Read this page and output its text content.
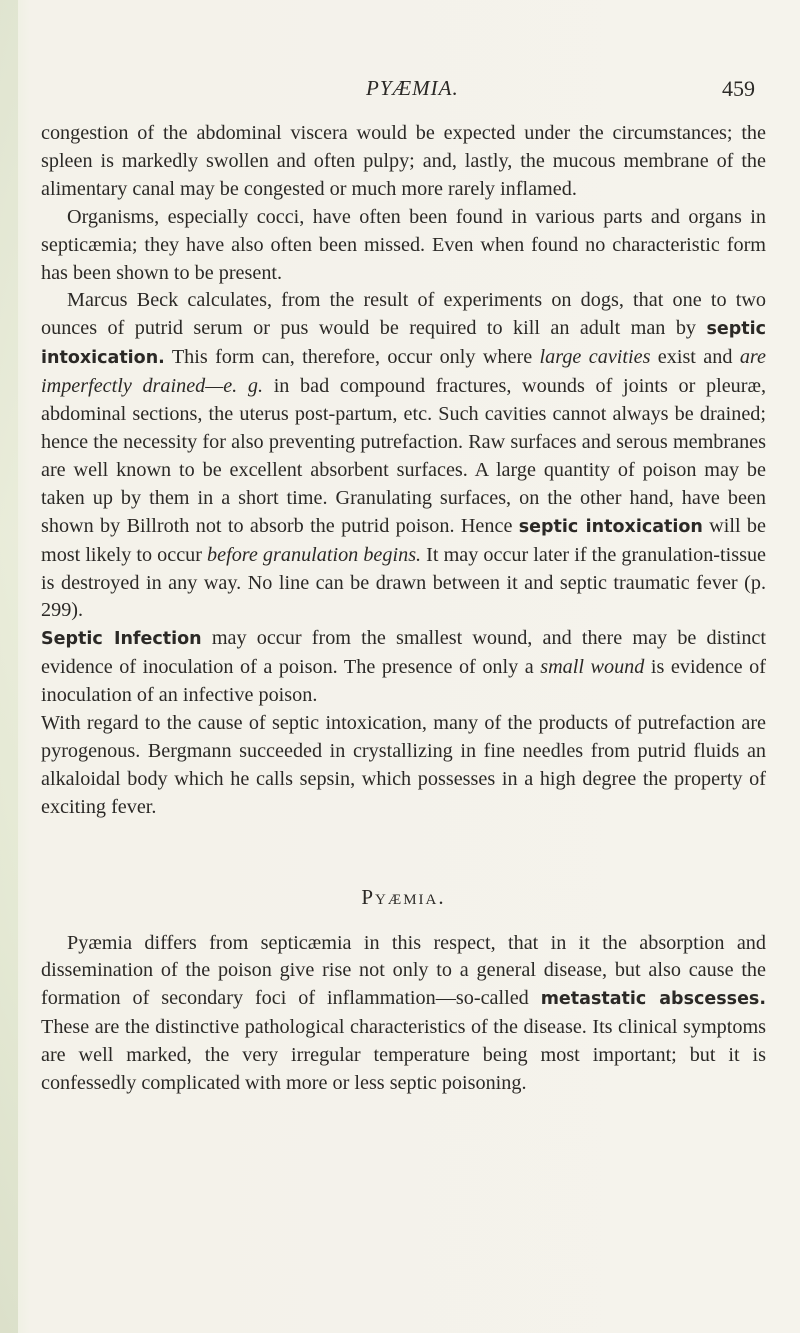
PYÆMIA.	459

congestion of the abdominal viscera would be expected under the circumstances; the spleen is markedly swollen and often pulpy; and, lastly, the mucous membrane of the alimentary canal may be congested or much more rarely inflamed.

Organisms, especially cocci, have often been found in various parts and organs in septicæmia; they have also often been missed. Even when found no characteristic form has been shown to be present.

Marcus Beck calculates, from the result of experiments on dogs, that one to two ounces of putrid serum or pus would be required to kill an adult man by septic intoxication. This form can, therefore, occur only where large cavities exist and are imperfectly drained—e. g. in bad compound fractures, wounds of joints or pleuræ, abdominal sections, the uterus post-partum, etc. Such cavities cannot always be drained; hence the necessity for also preventing putrefaction. Raw surfaces and serous membranes are well known to be excellent absorbent surfaces. A large quantity of poison may be taken up by them in a short time. Granulating surfaces, on the other hand, have been shown by Billroth not to absorb the putrid poison. Hence septic intoxication will be most likely to occur before granulation begins. It may occur later if the granulation-tissue is destroyed in any way. No line can be drawn between it and septic traumatic fever (p. 299).

Septic Infection may occur from the smallest wound, and there may be distinct evidence of inoculation of a poison. The presence of only a small wound is evidence of inoculation of an infective poison.

With regard to the cause of septic intoxication, many of the products of putrefaction are pyrogenous. Bergmann succeeded in crystallizing in fine needles from putrid fluids an alkaloidal body which he calls sepsin, which possesses in a high degree the property of exciting fever.

Pyæmia.

Pyæmia differs from septicæmia in this respect, that in it the absorption and dissemination of the poison give rise not only to a general disease, but also cause the formation of secondary foci of inflammation—so-called metastatic abscesses. These are the distinctive pathological characteristics of the disease. Its clinical symptoms are well marked, the very irregular temperature being most important; but it is confessedly complicated with more or less septic poisoning.
